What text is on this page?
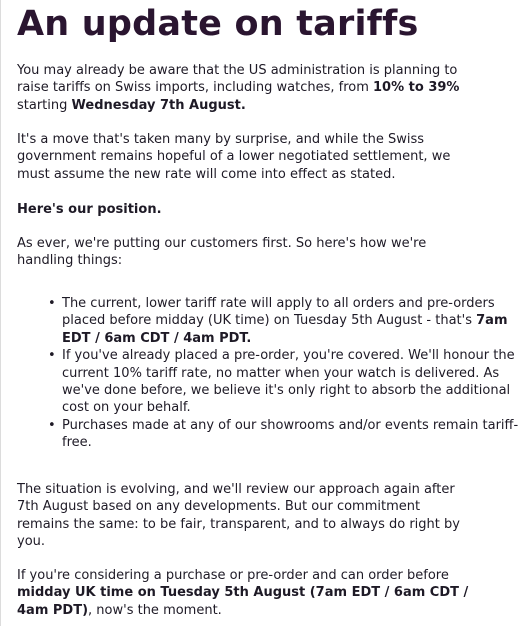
An update on tariffs

You may already be aware that the US administration is planning to raise tariffs on Swiss imports, including watches, from 10% to 39% starting Wednesday 7th August.

It's a move that's taken many by surprise, and while the Swiss government remains hopeful of a lower negotiated settlement, we must assume the new rate will come into effect as stated.

Here's our position.

As ever, we're putting our customers first. So here's how we're handling things:

• The current, lower tariff rate will apply to all orders and pre-orders placed before midday (UK time) on Tuesday 5th August - that's 7am EDT / 6am CDT / 4am PDT.
• If you've already placed a pre-order, you're covered. We'll honour the current 10% tariff rate, no matter when your watch is delivered. As we've done before, we believe it's only right to absorb the additional cost on your behalf.
• Purchases made at any of our showrooms and/or events remain tariff-free.

The situation is evolving, and we'll review our approach again after 7th August based on any developments. But our commitment remains the same: to be fair, transparent, and to always do right by you.

If you're considering a purchase or pre-order and can order before midday UK time on Tuesday 5th August (7am EDT / 6am CDT / 4am PDT), now's the moment.
